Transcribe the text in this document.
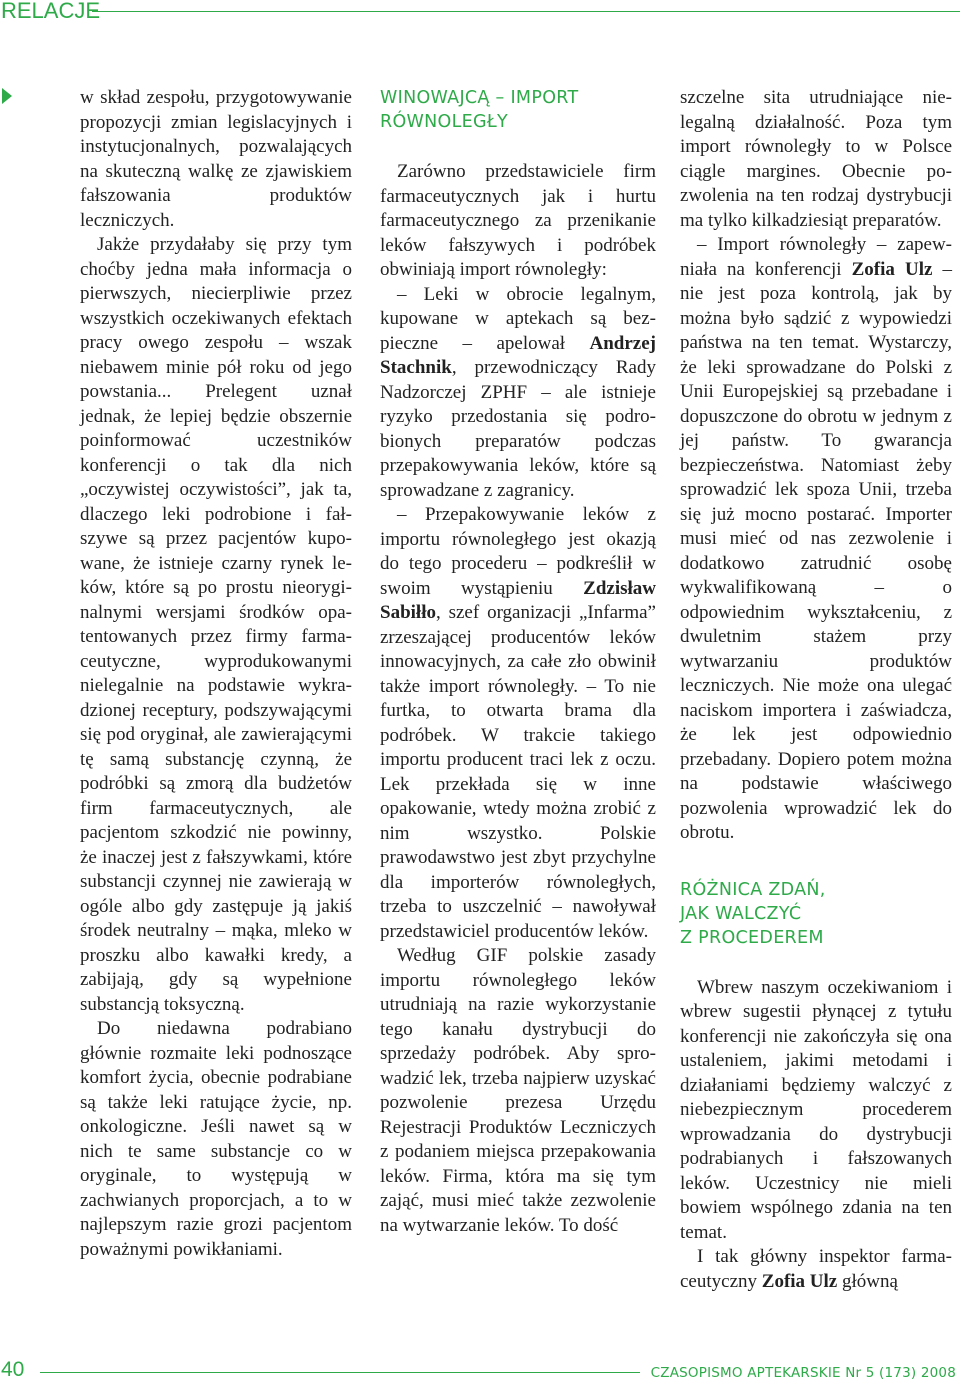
RELACJE

w skład zespołu, przygotowywanie propozycji zmian legislacyjnych i instytucjonalnych, pozwalających na skuteczną walkę ze zjawiskiem fałszowania produktów leczniczych.

Jakże przydałaby się przy tym choćby jedna mała informacja o pierwszych, niecierpliwie przez wszystkich oczekiwanych efektach pracy owego zespołu – wszak niebawem minie pół roku od jego powstania... Prelegent uznał jednak, że lepiej będzie obszernie poinformować uczestników konferencji o tak dla nich „oczywistej oczywistości”, jak ta, dlaczego leki podrobione i fałszywe są przez pacjentów kupowane, że istnieje czarny rynek leków, które są po prostu nieoryginalnymi wersjami środków opatentowanych przez firmy farmaceutyczne, wyprodukowanymi nielegalnie na podstawie wykradzionej receptury, podszywającymi się pod oryginał, ale zawierającymi tę samą substancję czynną, że podróbki są zmorą dla budżetów firm farmaceutycznych, ale pacjentom szkodzić nie powinny, że inaczej jest z fałszywkami, które substancji czynnej nie zawierają w ogóle albo gdy zastępuje ją jakiś środek neutralny – mąka, mleko w proszku albo kawałki kredy, a zabijają, gdy są wypełnione substancją toksyczną.

Do niedawna podrabiano głównie rozmaite leki podnoszące komfort życia, obecnie podrabiane są także leki ratujące życie, np. onkologiczne. Jeśli nawet są w nich te same substancje co w oryginale, to występują w zachwianych proporcjach, a to w najlepszym razie grozi pacjentom poważnymi powikłaniami.

WINOWAJCĄ – IMPORT RÓWNOLEGŁY

Zarówno przedstawiciele firm farmaceutycznych jak i hurtu farmaceutycznego za przenikanie leków fałszywych i podróbek obwiniają import równoległy:

– Leki w obrocie legalnym, kupowane w aptekach są bezpieczne – apelował Andrzej Stachnik, przewodniczący Rady Nadzorczej ZPHF – ale istnieje ryzyko przedostania się podrobionych preparatów podczas przepakowywania leków, które są sprowadzane z zagranicy.

– Przepakowywanie leków z importu równoległego jest okazją do tego procederu – podkreślił w swoim wystąpieniu Zdzisław Sabiłło, szef organizacji „Infarma” zrzeszającej producentów leków innowacyjnych, za całe zło obwinił także import równoległy. – To nie furtka, to otwarta brama dla podróbek. W trakcie takiego importu producent traci lek z oczu. Lek przekłada się w inne opakowanie, wtedy można zrobić z nim wszystko. Polskie prawodawstwo jest zbyt przychylne dla importerów równoległych, trzeba to uszczelnić – nawoływał przedstawiciel producentów leków.

Według GIF polskie zasady importu równoległego leków utrudniają na razie wykorzystanie tego kanału dystrybucji do sprzedaży podróbek. Aby sprowadzić lek, trzeba najpierw uzyskać pozwolenie prezesa Urzędu Rejestracji Produktów Leczniczych z podaniem miejsca przepakowania leków. Firma, która ma się tym zająć, musi mieć także zezwolenie na wytwarzanie leków. To dość

szczelne sita utrudniające nielegalną działalność. Poza tym import równoległy to w Polsce ciągle margines. Obecnie pozwolenia na ten rodzaj dystrybucji ma tylko kilkadziesiąt preparatów.

– Import równoległy – zapewniała na konferencji Zofia Ulz – nie jest poza kontrolą, jak by można było sądzić z wypowiedzi państwa na ten temat. Wystarczy, że leki sprowadzane do Polski z Unii Europejskiej są przebadane i dopuszczone do obrotu w jednym z jej państw. To gwarancja bezpieczeństwa. Natomiast żeby sprowadzić lek spoza Unii, trzeba się już mocno postarać. Importer musi mieć od nas zezwolenie i dodatkowo zatrudnić osobę wykwalifikowaną – o odpowiednim wykształceniu, z dwuletnim stażem przy wytwarzaniu produktów leczniczych. Nie może ona ulegać naciskom importera i zaświadcza, że lek jest odpowiednio przebadany. Dopiero potem można na podstawie właściwego pozwolenia wprowadzić lek do obrotu.

RÓŻNICA ZDAŃ,
JAK WALCZYĆ
Z PROCEDEREM

Wbrew naszym oczekiwaniom i wbrew sugestii płynącej z tytułu konferencji nie zakończyła się ona ustaleniem, jakimi metodami i działaniami będziemy walczyć z niebezpiecznym procederem wprowadzania do dystrybucji podrabianych i fałszowanych leków. Uczestnicy nie mieli bowiem wspólnego zdania na ten temat.

I tak główny inspektor farmaceutyczny Zofia Ulz główną

40	CZASOPISMO APTEKARSKIE Nr 5 (173) 2008
